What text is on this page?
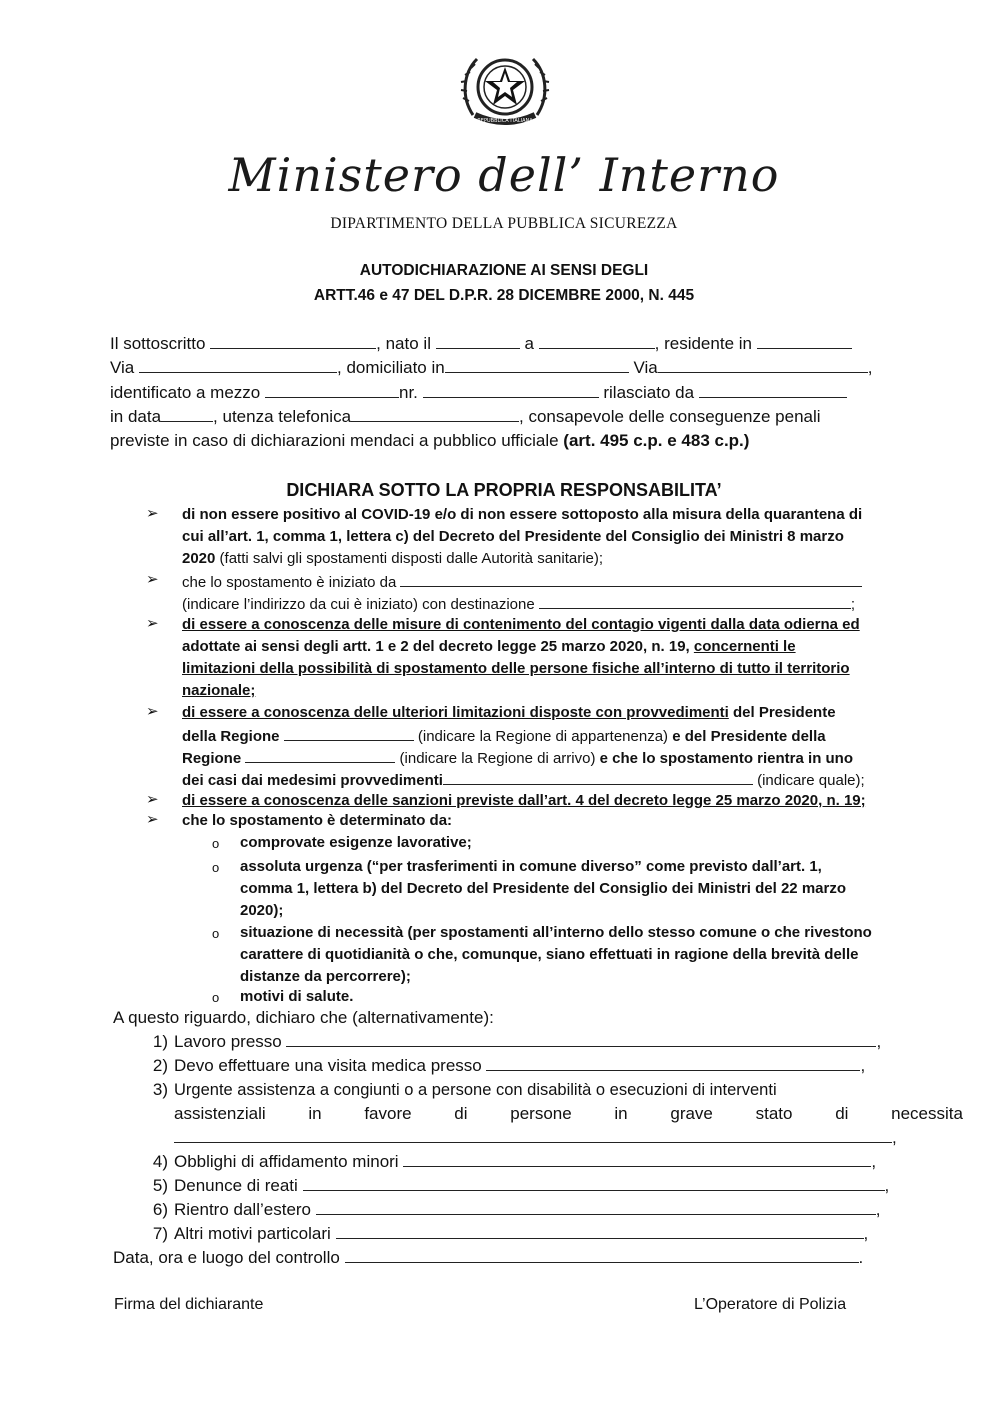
REPUBBLICA ITALIANA
Ministero dell’ Interno
DIPARTIMENTO DELLA PUBBLICA SICUREZZA
AUTODICHIARAZIONE AI SENSI DEGLI
ARTT.46 e 47 DEL D.P.R. 28 DICEMBRE 2000, N. 445
Il sottoscritto	, nato il	a	, residente in
Via	, domiciliato in	Via	,
identificato a mezzo	nr.	rilasciato da
in data	, utenza telefonica	, consapevole delle conseguenze penali
previste in caso di dichiarazioni mendaci a pubblico ufficiale (art. 495 c.p. e 483 c.p.)
DICHIARA SOTTO LA PROPRIA RESPONSABILITA’
➢ di non essere positivo al COVID-19 e/o di non essere sottoposto alla misura della quarantena di
cui all’art. 1, comma 1, lettera c) del Decreto del Presidente del Consiglio dei Ministri 8 marzo
2020 (fatti salvi gli spostamenti disposti dalle Autorità sanitarie);
➢ che lo spostamento è iniziato da
(indicare l’indirizzo da cui è iniziato) con destinazione	;
➢ di essere a conoscenza delle misure di contenimento del contagio vigenti dalla data odierna ed
adottate ai sensi degli artt. 1 e 2 del decreto legge 25 marzo 2020, n. 19, concernenti le
limitazioni della possibilità di spostamento delle persone fisiche all’interno di tutto il territorio
nazionale;
➢ di essere a conoscenza delle ulteriori limitazioni disposte con provvedimenti del Presidente
della Regione	(indicare la Regione di appartenenza) e del Presidente della
Regione	(indicare la Regione di arrivo) e che lo spostamento rientra in uno
dei casi dai medesimi provvedimenti	(indicare quale);
➢ di essere a conoscenza delle sanzioni previste dall’art. 4 del decreto legge 25 marzo 2020, n. 19;
➢ che lo spostamento è determinato da:
o comprovate esigenze lavorative;
o assoluta urgenza (“per trasferimenti in comune diverso” come previsto dall’art. 1,
comma 1, lettera b) del Decreto del Presidente del Consiglio dei Ministri del 22 marzo
2020);
o situazione di necessità (per spostamenti all’interno dello stesso comune o che rivestono
carattere di quotidianità o che, comunque, siano effettuati in ragione della brevità delle
distanze da percorrere);
o motivi di salute.
A questo riguardo, dichiaro che (alternativamente):
1) Lavoro presso	,
2) Devo effettuare una visita medica presso	,
3) Urgente assistenza a congiunti o a persone con disabilità o esecuzioni di interventi
assistenziali in favore di persone in grave stato di necessita
,
4) Obblighi di affidamento minori	,
5) Denunce di reati	,
6) Rientro dall’estero	,
7) Altri motivi particolari	,
Data, ora e luogo del controllo	.
Firma del dichiarante	L’Operatore di Polizia
